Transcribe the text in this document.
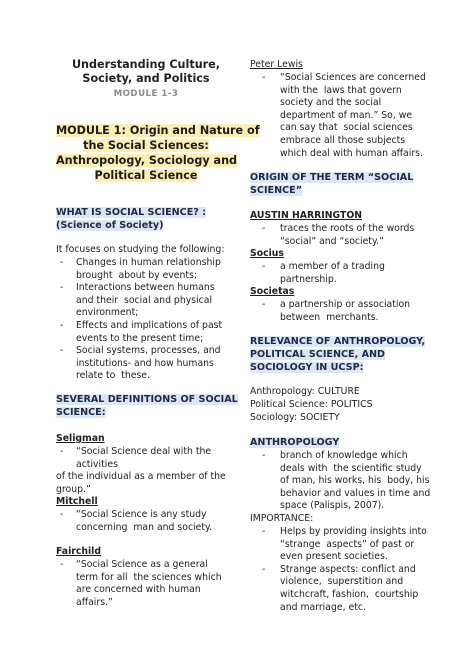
Understanding Culture,
Society, and Politics
MODULE 1-3
MODULE 1: Origin and Nature of
the Social Sciences:
Anthropology, Sociology and
Political Science
WHAT IS SOCIAL SCIENCE? :
(Science of Society)
It focuses on studying the following:
- Changes in human relationship
brought  about by events;
- Interactions between humans
and their  social and physical
environment;
- Effects and implications of past
events to the present time;
- Social systems, processes, and
institutions- and how humans
relate to  these.
SEVERAL DEFINITIONS OF SOCIAL
SCIENCE:
Seligman
- “Social Science deal with the
activities
of the individual as a member of the
group.”
Mitchell
- “Social Science is any study
concerning  man and society.
Fairchild
- “Social Science as a general
term for all  the sciences which
are concerned with human
affairs.”
Peter Lewis
- “Social Sciences are concerned
with the  laws that govern
society and the social
department of man.” So, we
can say that  social sciences
embrace all those subjects
which deal with human affairs.
ORIGIN OF THE TERM “SOCIAL
SCIENCE”
AUSTIN HARRINGTON
- traces the roots of the words
“social” and “society.”
Socius
- a member of a trading
partnership.
Societas
- a partnership or association
between  merchants.
RELEVANCE OF ANTHROPOLOGY,
POLITICAL SCIENCE, AND
SOCIOLOGY IN UCSP:
Anthropology: CULTURE
Political Science: POLITICS
Sociology: SOCIETY
ANTHROPOLOGY
- branch of knowledge which
deals with  the scientific study
of man, his works, his  body, his
behavior and values in time and
space (Palispis, 2007).
IMPORTANCE:
- Helps by providing insights into
“strange  aspects” of past or
even present societies.
- Strange aspects: conflict and
violence,  superstition and
witchcraft, fashion,  courtship
and marriage, etc.
